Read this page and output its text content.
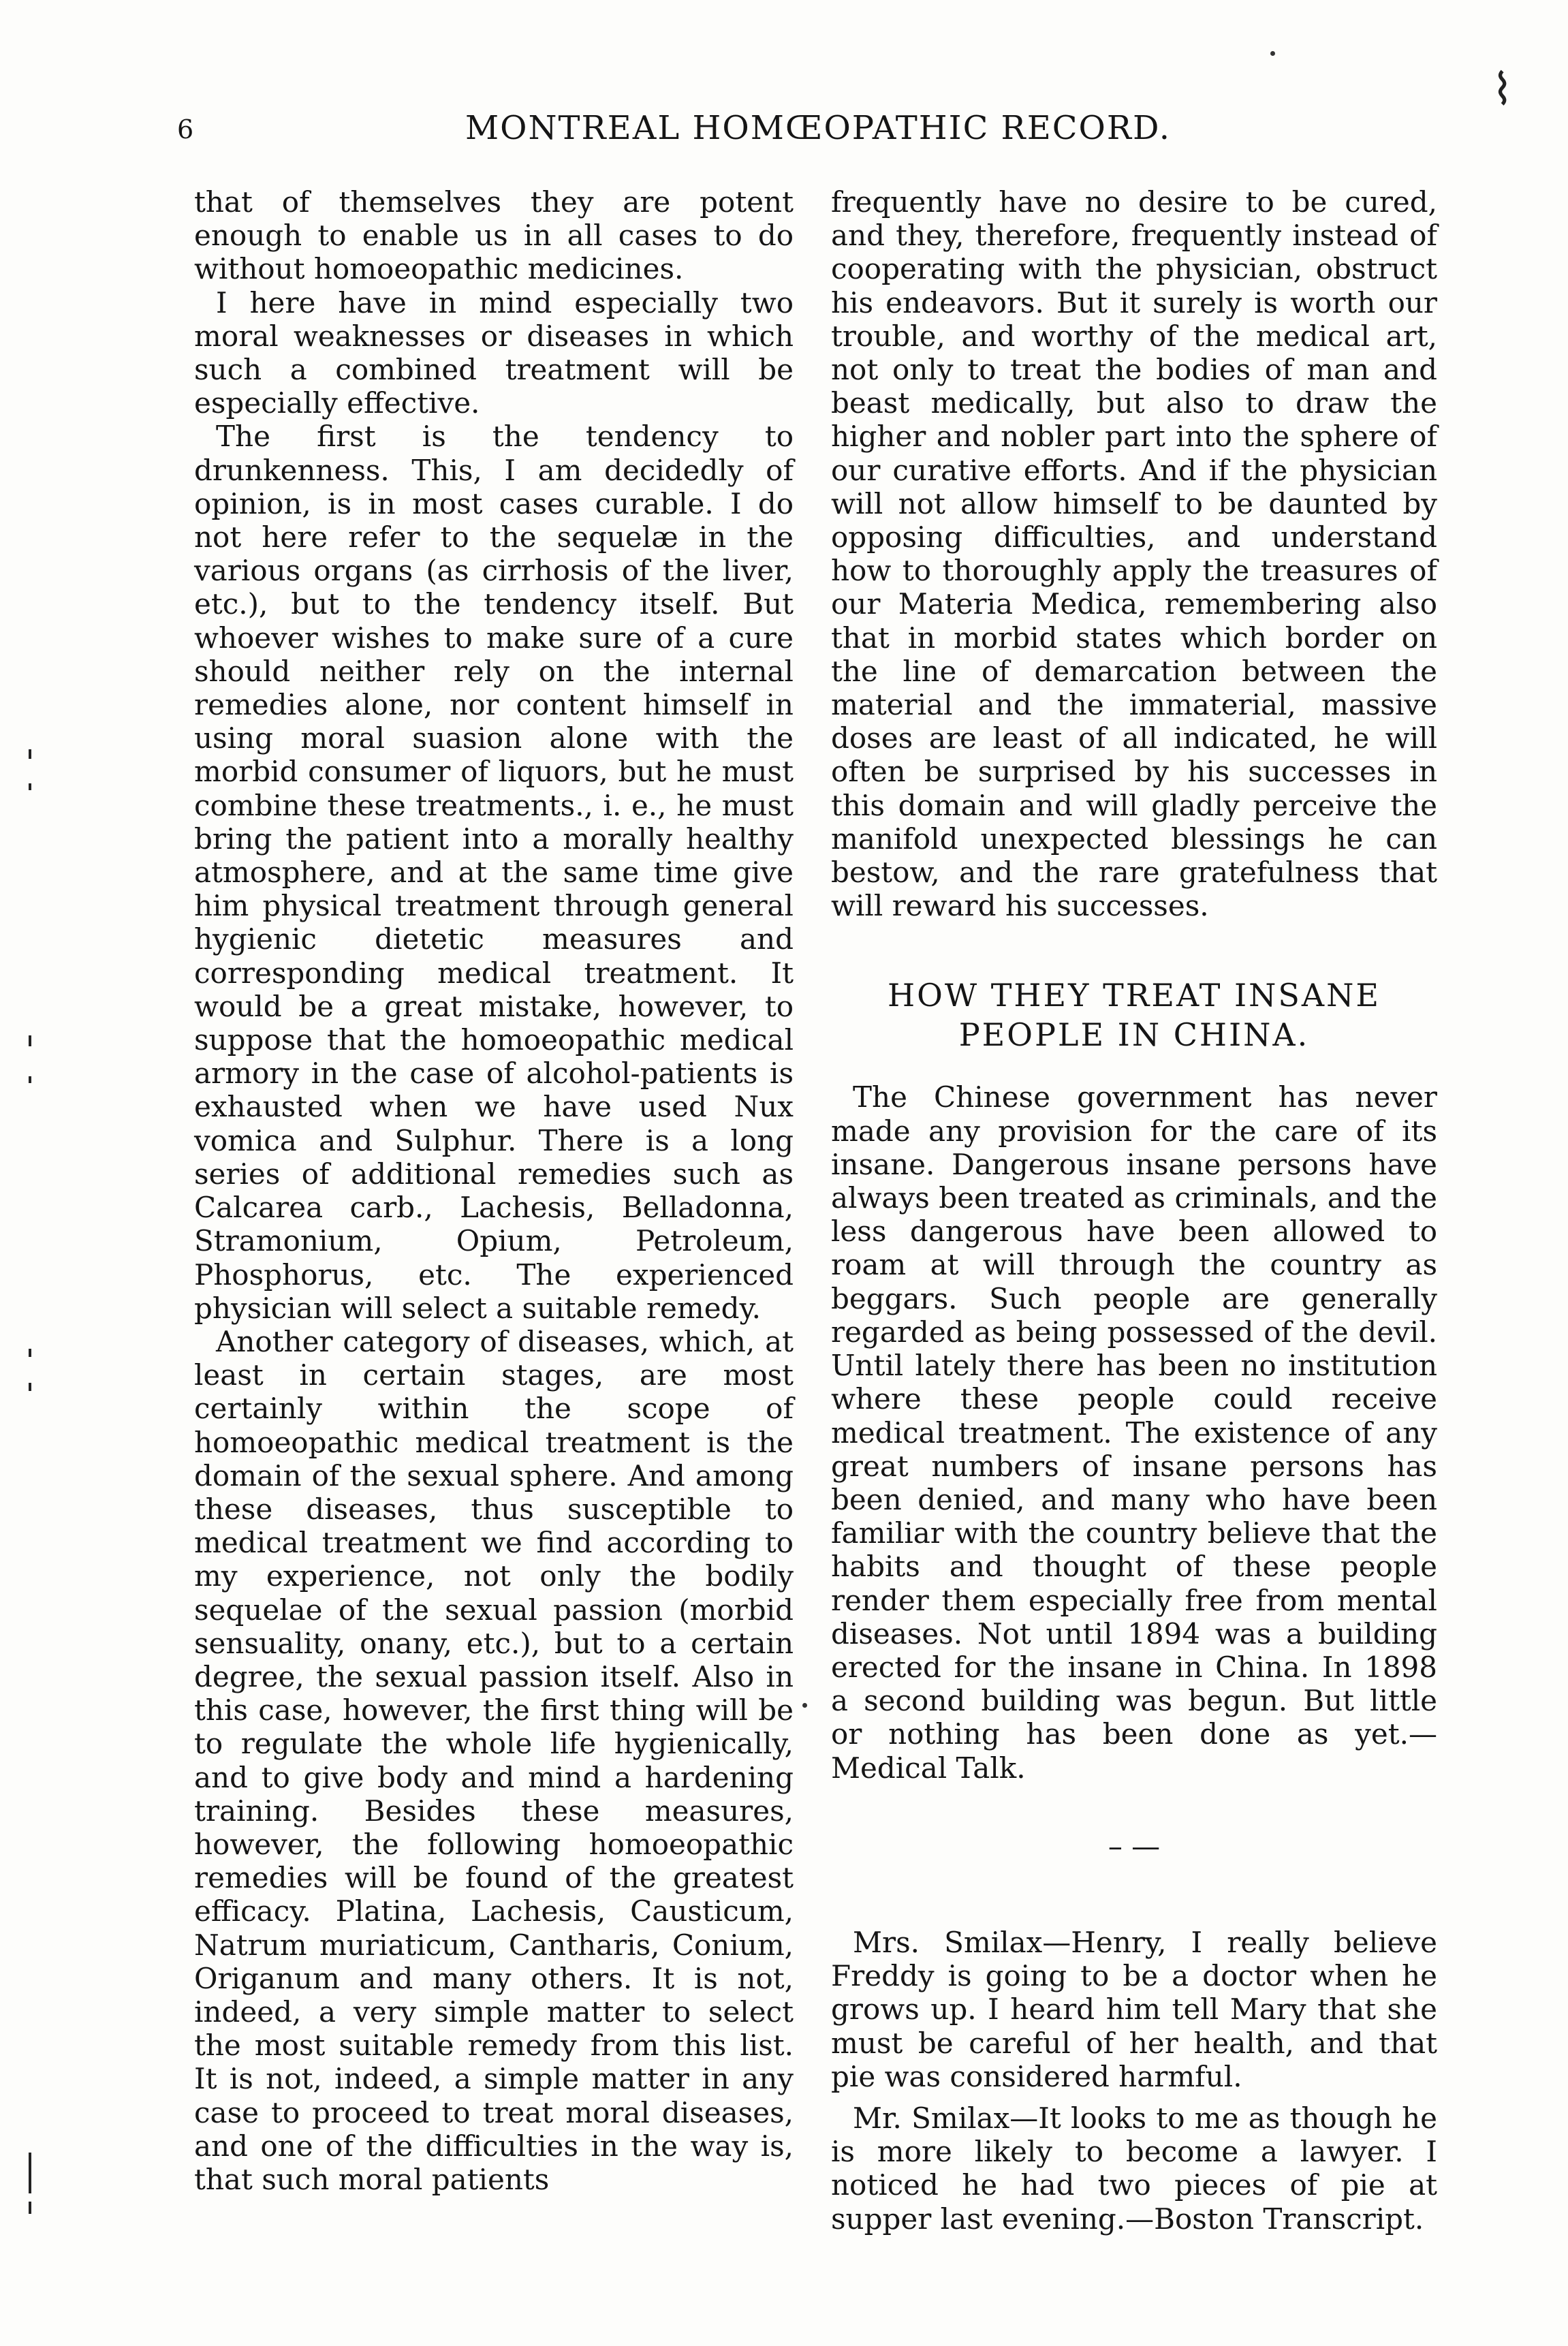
6	MONTREAL HOMŒOPATHIC RECORD.

that of themselves they are potent enough to enable us in all cases to do without homoeopathic medicines.

I here have in mind especially two moral weaknesses or diseases in which such a combined treatment will be especially effective.

The first is the tendency to drunkenness. This, I am decidedly of opinion, is in most cases curable. I do not here refer to the sequelæ in the various organs (as cirrhosis of the liver, etc.), but to the tendency itself. But whoever wishes to make sure of a cure should neither rely on the internal remedies alone, nor content himself in using moral suasion alone with the morbid consumer of liquors, but he must combine these treatments., i. e., he must bring the patient into a morally healthy atmosphere, and at the same time give him physical treatment through general hygienic dietetic measures and corresponding medical treatment. It would be a great mistake, however, to suppose that the homoeopathic medical armory in the case of alcohol-patients is exhausted when we have used Nux vomica and Sulphur. There is a long series of additional remedies such as Calcarea carb., Lachesis, Belladonna, Stramonium, Opium, Petroleum, Phosphorus, etc. The experienced physician will select a suitable remedy.

Another category of diseases, which, at least in certain stages, are most certainly within the scope of homoeopathic medical treatment is the domain of the sexual sphere. And among these diseases, thus susceptible to medical treatment we find according to my experience, not only the bodily sequelae of the sexual passion (morbid sensuality, onany, etc.), but to a certain degree, the sexual passion itself. Also in this case, however, the first thing will be to regulate the whole life hygienically, and to give body and mind a hardening training. Besides these measures, however, the following homoeopathic remedies will be found of the greatest efficacy. Platina, Lachesis, Causticum, Natrum muriaticum, Cantharis, Conium, Origanum and many others. It is not, indeed, a very simple matter to select the most suitable remedy from this list. It is not, indeed, a simple matter in any case to proceed to treat moral diseases, and one of the difficulties in the way is, that such moral patients

frequently have no desire to be cured, and they, therefore, frequently instead of cooperating with the physician, obstruct his endeavors. But it surely is worth our trouble, and worthy of the medical art, not only to treat the bodies of man and beast medically, but also to draw the higher and nobler part into the sphere of our curative efforts. And if the physician will not allow himself to be daunted by opposing difficulties, and understand how to thoroughly apply the treasures of our Materia Medica, remembering also that in morbid states which border on the line of demarcation between the material and the immaterial, massive doses are least of all indicated, he will often be surprised by his successes in this domain and will gladly perceive the manifold unexpected blessings he can bestow, and the rare gratefulness that will reward his successes.

HOW THEY TREAT INSANE
PEOPLE IN CHINA.

The Chinese government has never made any provision for the care of its insane. Dangerous insane persons have always been treated as criminals, and the less dangerous have been allowed to roam at will through the country as beggars. Such people are generally regarded as being possessed of the devil. Until lately there has been no institution where these people could receive medical treatment. The existence of any great numbers of insane persons has been denied, and many who have been familiar with the country believe that the habits and thought of these people render them especially free from mental diseases. Not until 1894 was a building erected for the insane in China. In 1898 a second building was begun. But little or nothing has been done as yet.—Medical Talk.

– —

Mrs. Smilax—Henry, I really believe Freddy is going to be a doctor when he grows up. I heard him tell Mary that she must be careful of her health, and that pie was considered harmful.

Mr. Smilax—It looks to me as though he is more likely to become a lawyer. I noticed he had two pieces of pie at supper last evening.—Boston Transcript.

⌇
